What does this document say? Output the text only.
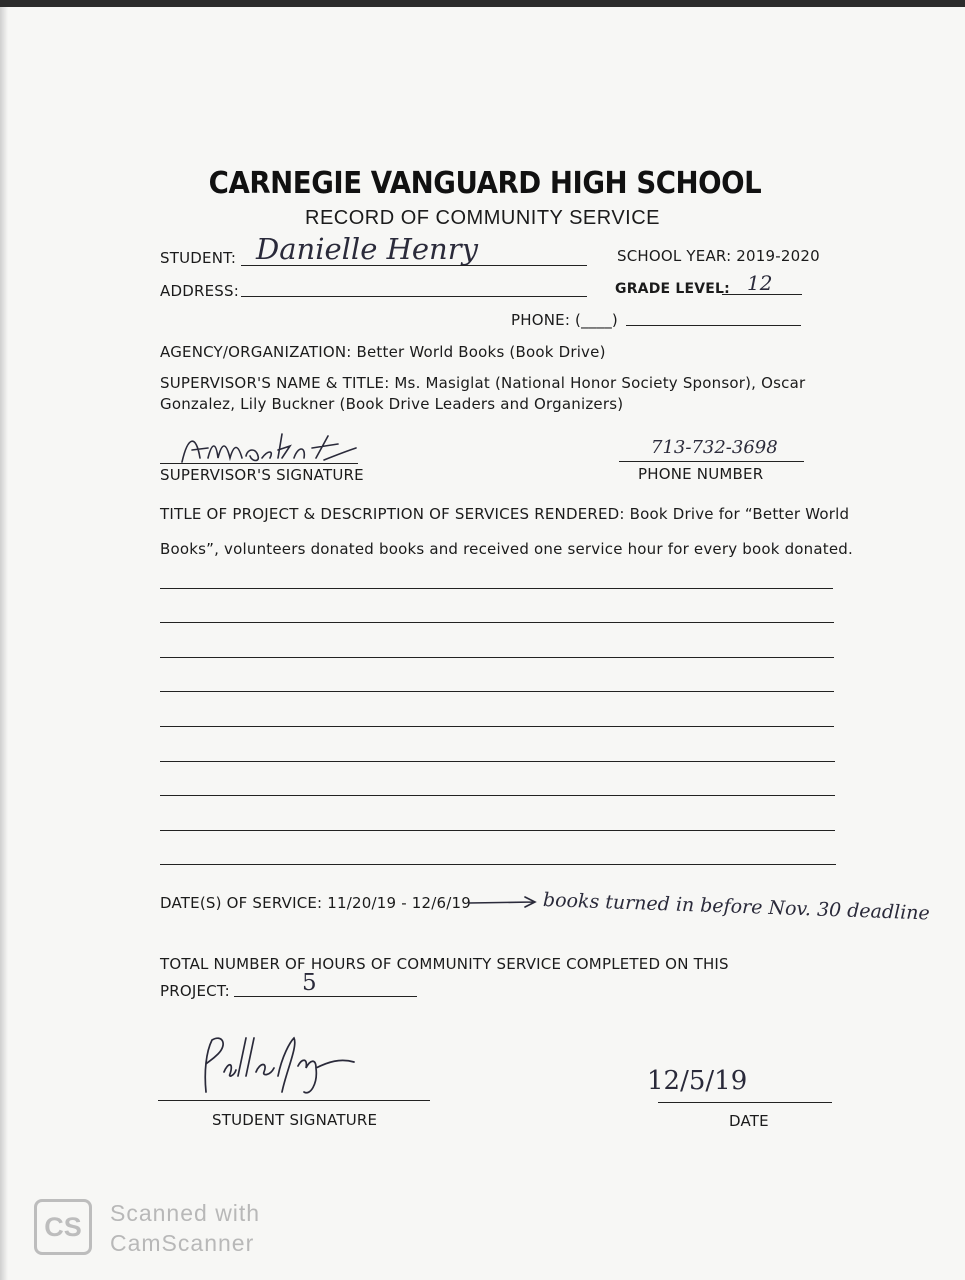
CARNEGIE VANGUARD HIGH SCHOOL
RECORD OF COMMUNITY SERVICE
STUDENT: Danielle Henry	SCHOOL YEAR: 2019-2020
ADDRESS:	GRADE LEVEL: 12
PHONE: (____)
AGENCY/ORGANIZATION: Better World Books (Book Drive)
SUPERVISOR'S NAME & TITLE: Ms. Masiglat (National Honor Society Sponsor), Oscar
Gonzalez, Lily Buckner (Book Drive Leaders and Organizers)
SUPERVISOR'S SIGNATURE
713-732-3698
PHONE NUMBER
TITLE OF PROJECT & DESCRIPTION OF SERVICES RENDERED: Book Drive for “Better World
Books”, volunteers donated books and received one service hour for every book donated.
DATE(S) OF SERVICE: 11/20/19 - 12/6/19	books turned in before Nov. 30 deadline
TOTAL NUMBER OF HOURS OF COMMUNITY SERVICE COMPLETED ON THIS
PROJECT:	5
STUDENT SIGNATURE
12/5/19
DATE
CS	Scanned with
CamScanner
